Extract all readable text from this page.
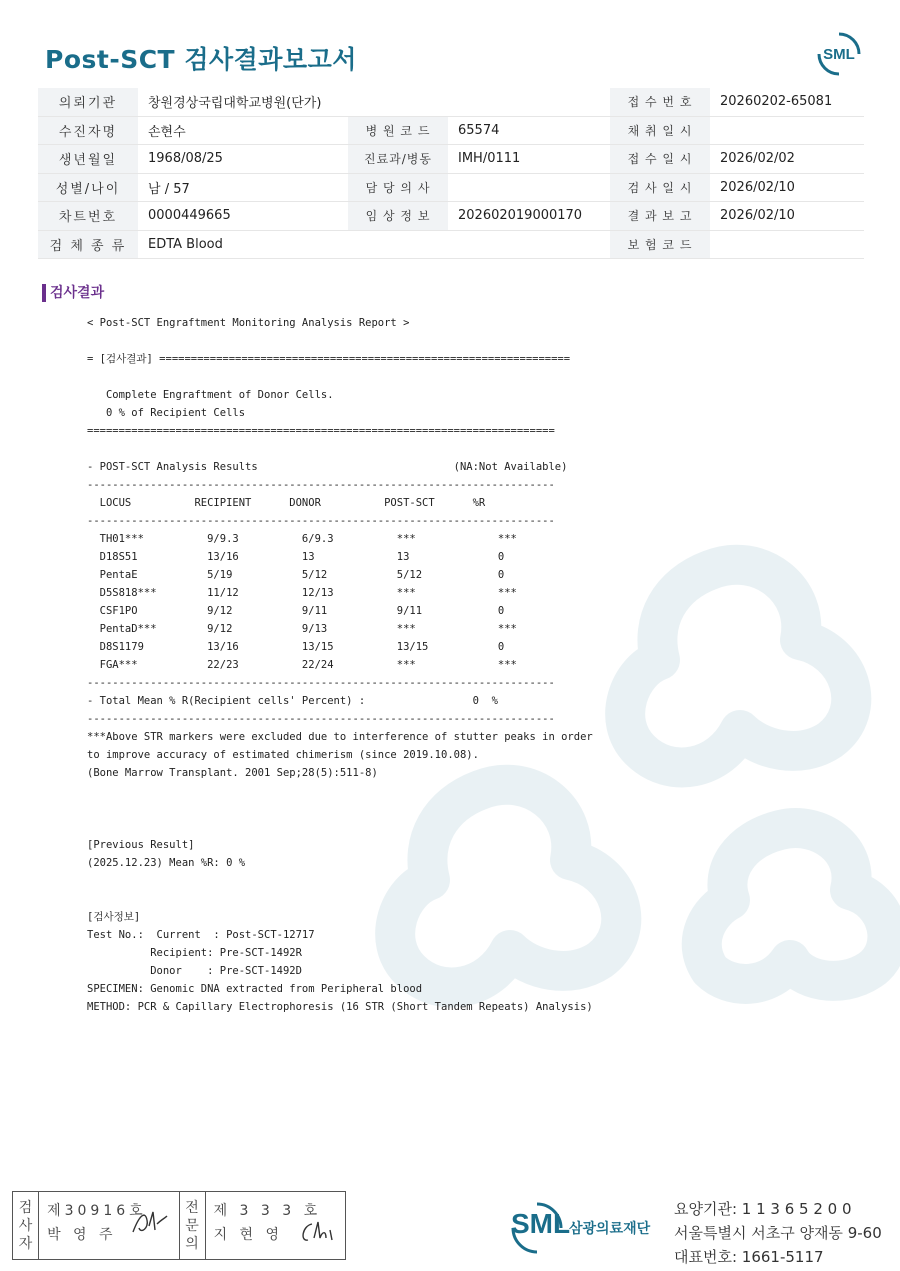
Post-SCT 검사결과보고서	SML
의뢰기관	창원경상국립대학교병원(단가)			접 수 번 호	20260202-65081
수진자명	손현수	병 원 코 드	65574	채 취 일 시	
생년월일	1968/08/25	진료과/병동	IMH/0111	접 수 일 시	2026/02/02
성별/나이	남 / 57	담 당 의 사		검 사 일 시	2026/02/10
차트번호	0000449665	임 상 정 보	202602019000170	결 과 보 고	2026/02/10
검 체 종 류	EDTA Blood			보 험 코 드	
검사결과
< Post-SCT Engraftment Monitoring Analysis Report >

= [검사결과] =================================================================

Complete Engraftment of Donor Cells.
0 % of Recipient Cells
==========================================================================

- POST-SCT Analysis Results                               (NA:Not Available)
--------------------------------------------------------------------------
LOCUS          RECIPIENT      DONOR          POST-SCT      %R
--------------------------------------------------------------------------
TH01***          9/9.3          6/9.3          ***             ***
D18S51           13/16          13             13              0
PentaE           5/19           5/12           5/12            0
D5S818***        11/12          12/13          ***             ***
CSF1PO           9/12           9/11           9/11            0
PentaD***        9/12           9/13           ***             ***
D8S1179          13/16          13/15          13/15           0
FGA***           22/23          22/24          ***             ***
--------------------------------------------------------------------------
- Total Mean % R(Recipient cells' Percent) :	0  %
--------------------------------------------------------------------------
***Above STR markers were excluded due to interference of stutter peaks in order
to improve accuracy of estimated chimerism (since 2019.10.08).
(Bone Marrow Transplant. 2001 Sep;28(5):511-8)

[Previous Result]
(2025.12.23) Mean %R: 0 %

[검사정보]
Test No.:  Current  : Post-SCT-12717
Recipient: Pre-SCT-1492R
Donor    : Pre-SCT-1492D
SPECIMEN: Genomic DNA extracted from Peripheral blood
METHOD: PCR & Capillary Electrophoresis (16 STR (Short Tandem Repeats) Analysis)
검
사
자
제30916호
박 영 주
전
문
의
제 3 3 3 호
지 현 영	SML
삼광의료재단
요양기관: 1 1 3 6 5 2 0 0
서울특별시 서초구 양재동 9-60
대표번호: 1661-5117
